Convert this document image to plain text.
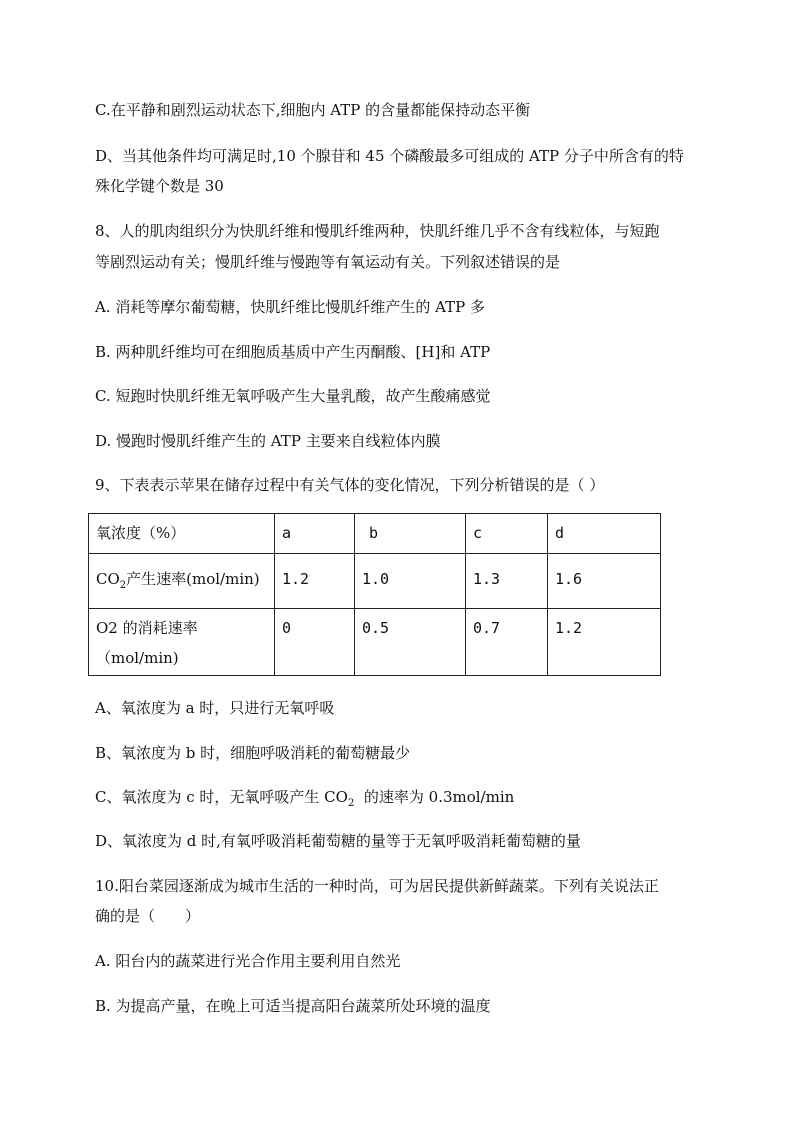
C.在平静和剧烈运动状态下,细胞内 ATP 的含量都能保持动态平衡
D、当其他条件均可满足时,10 个腺苷和 45 个磷酸最多可组成的 ATP 分子中所含有的特
殊化学键个数是 30
8、人的肌肉组织分为快肌纤维和慢肌纤维两种，快肌纤维几乎不含有线粒体，与短跑
等剧烈运动有关；慢肌纤维与慢跑等有氧运动有关。下列叙述错误的是
A. 消耗等摩尔葡萄糖，快肌纤维比慢肌纤维产生的 ATP 多
B. 两种肌纤维均可在细胞质基质中产生丙酮酸、[H]和 ATP
C. 短跑时快肌纤维无氧呼吸产生大量乳酸，故产生酸痛感觉
D. 慢跑时慢肌纤维产生的 ATP 主要来自线粒体内膜
9、下表表示苹果在储存过程中有关气体的变化情况，下列分析错误的是（ ）
氧浓度（%）	a	b	c	d
$CO_2$产生速率(mol/min)	1.2	1.0	1.3	1.6

O2 的消耗速率
（mol/min)	0	0.5	0.7	1.2
A、氧浓度为 a 时，只进行无氧呼吸
B、氧浓度为 b 时，细胞呼吸消耗的葡萄糖最少
C、氧浓度为 c 时，无氧呼吸产生 $CO_2$  的速率为 0.3mol/min
D、氧浓度为 d 时,有氧呼吸消耗葡萄糖的量等于无氧呼吸消耗葡萄糖的量
10.阳台菜园逐渐成为城市生活的一种时尚，可为居民提供新鲜蔬菜。下列有关说法正
确的是（　　）
A. 阳台内的蔬菜进行光合作用主要利用自然光
B. 为提高产量，在晚上可适当提高阳台蔬菜所处环境的温度
